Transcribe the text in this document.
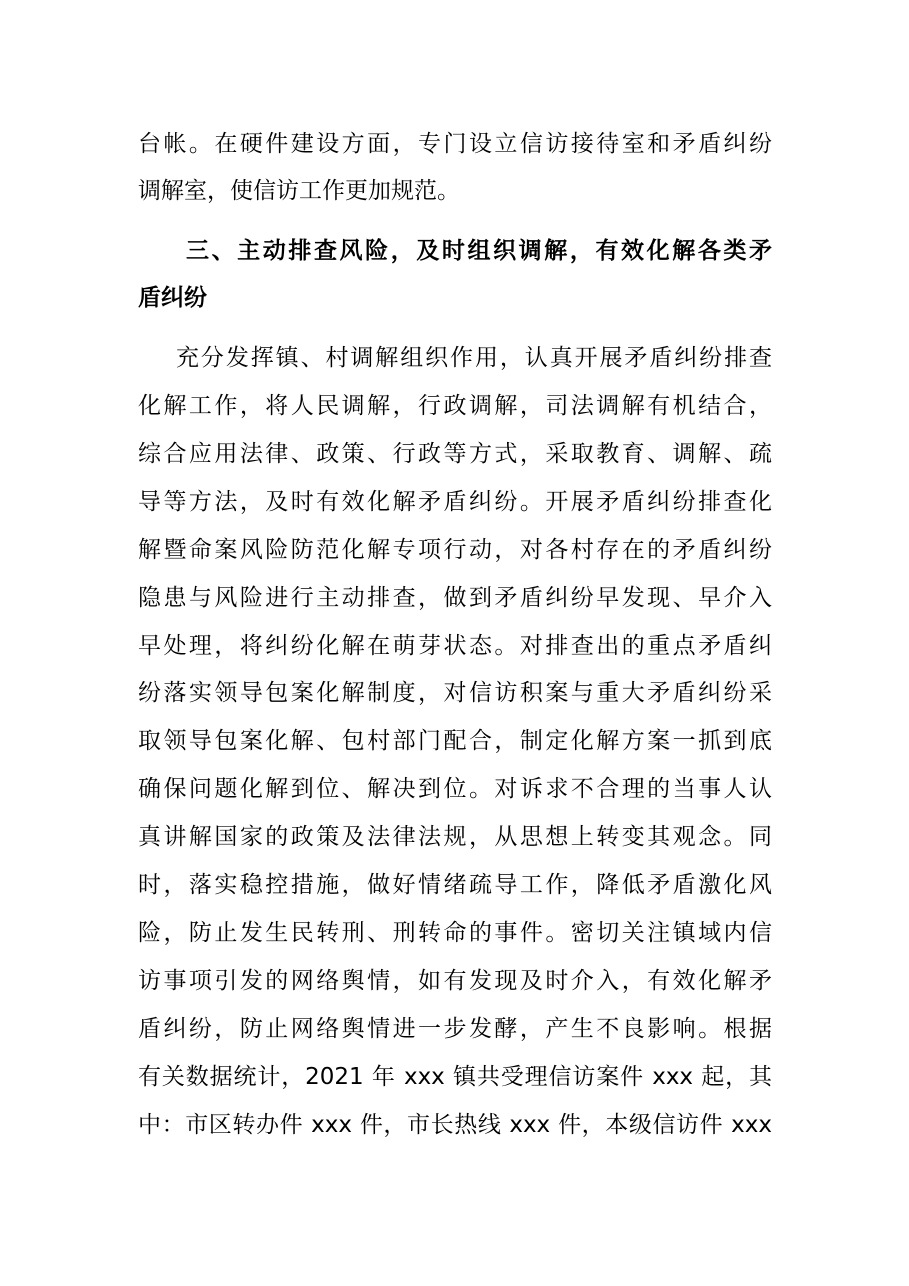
台帐。在硬件建设方面，专门设立信访接待室和矛盾纠纷
调解室，使信访工作更加规范。
三、主动排查风险，及时组织调解，有效化解各类矛
盾纠纷
充分发挥镇、村调解组织作用，认真开展矛盾纠纷排查
化解工作，将人民调解，行政调解，司法调解有机结合，
综合应用法律、政策、行政等方式，采取教育、调解、疏
导等方法，及时有效化解矛盾纠纷。开展矛盾纠纷排查化
解暨命案风险防范化解专项行动，对各村存在的矛盾纠纷
隐患与风险进行主动排查，做到矛盾纠纷早发现、早介入
早处理，将纠纷化解在萌芽状态。对排查出的重点矛盾纠
纷落实领导包案化解制度，对信访积案与重大矛盾纠纷采
取领导包案化解、包村部门配合，制定化解方案一抓到底
确保问题化解到位、解决到位。对诉求不合理的当事人认
真讲解国家的政策及法律法规，从思想上转变其观念。同
时，落实稳控措施，做好情绪疏导工作，降低矛盾激化风
险，防止发生民转刑、刑转命的事件。密切关注镇域内信
访事项引发的网络舆情，如有发现及时介入，有效化解矛
盾纠纷，防止网络舆情进一步发酵，产生不良影响。根据
有关数据统计，2021 年 xxx 镇共受理信访案件 xxx 起，其
中：市区转办件 xxx 件，市长热线 xxx 件，本级信访件 xxx
